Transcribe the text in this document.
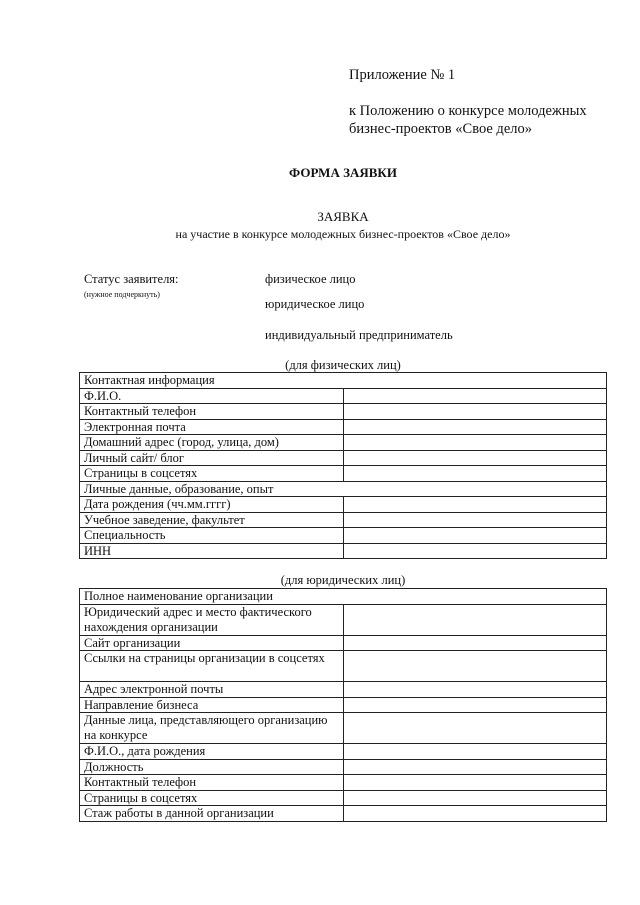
Приложение № 1
к Положению о конкурсе молодежных
бизнес-проектов «Свое дело»
ФОРМА ЗАЯВКИ
ЗАЯВКА
на участие в конкурсе молодежных бизнес-проектов «Свое дело»
Статус заявителя:
(нужное подчеркнуть)
физическое лицо
юридическое лицо
индивидуальный предприниматель
(для физических лиц)
Контактная информация	
Ф.И.О.	
Контактный телефон	
Электронная почта	
Домашний адрес (город, улица, дом)	
Личный сайт/ блог	
Страницы в соцсетях	
Личные данные, образование, опыт	
Дата рождения (чч.мм.гггг)	
Учебное заведение, факультет	
Специальность	
ИНН	
(для юридических лиц)
Полное наименование организации	
Юридический адрес и место фактического нахождения организации	
Сайт организации	
Ссылки на страницы организации в соцсетях	
Адрес электронной почты	
Направление бизнеса	
Данные лица, представляющего организацию на конкурсе	
Ф.И.О., дата рождения	
Должность	
Контактный телефон	
Страницы в соцсетях	
Стаж работы в данной организации	
